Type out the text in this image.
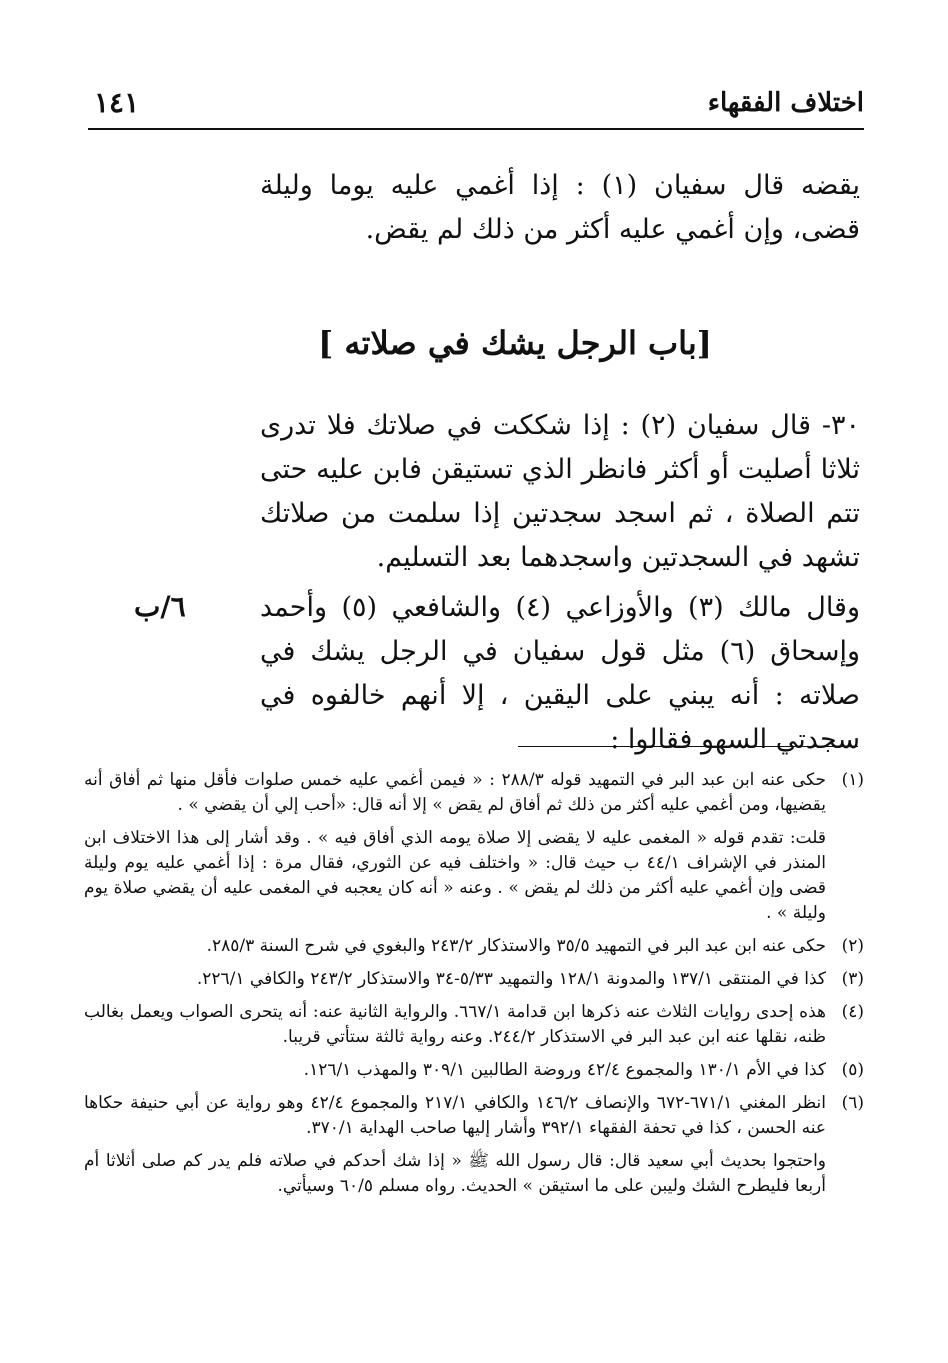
اختلاف الفقهاء
١٤١
يقضه قال سفيان (١) : إذا أغمي عليه يوما وليلة قضى، وإن أغمي عليه أكثر من ذلك لم يقض.
[باب الرجل يشك في صلاته ]
٣٠- قال سفيان (٢) : إذا شككت في صلاتك فلا تدرى ثلاثا أصليت أو أكثر فانظر الذي تستيقن فابن عليه حتى تتم الصلاة ، ثم اسجد سجدتين إذا سلمت من صلاتك تشهد في السجدتين واسجدهما بعد التسليم.
٦/ب	وقال مالك (٣) والأوزاعي (٤) والشافعي (٥) وأحمد وإسحاق (٦) مثل قول سفيان في الرجل يشك في صلاته : أنه يبني على اليقين ، إلا أنهم خالفوه في سجدتي السهو فقالوا :
(١)
حكى عنه ابن عبد البر في التمهيد قوله ٢٨٨/٣ : « فيمن أغمي عليه خمس صلوات فأقل منها ثم أفاق أنه يقضيها، ومن أغمي عليه أكثر من ذلك ثم أفاق لم يقض » إلا أنه قال: «أحب إلي أن يقضي » .
قلت: تقدم قوله « المغمى عليه لا يقضى إلا صلاة يومه الذي أفاق فيه » . وقد أشار إلى هذا الاختلاف ابن المنذر في الإشراف ٤٤/١ ب حيث قال: « واختلف فيه عن الثوري، فقال مرة : إذا أغمي عليه يوم وليلة قضى وإن أغمي عليه أكثر من ذلك لم يقض » . وعنه « أنه كان يعجبه في المغمى عليه أن يقضي صلاة يوم وليلة » .
(٢)
حكى عنه ابن عبد البر في التمهيد ٣٥/٥ والاستذكار ٢٤٣/٢ والبغوي في شرح السنة ٢٨٥/٣.
(٣)
كذا في المنتقى ١٣٧/١ والمدونة ١٢٨/١ والتمهيد ٥/٣٣-٣٤ والاستذكار ٢٤٣/٢ والكافي ٢٢٦/١.
(٤)
هذه إحدى روايات الثلاث عنه ذكرها ابن قدامة ٦٦٧/١. والرواية الثانية عنه: أنه يتحرى الصواب ويعمل بغالب ظنه، نقلها عنه ابن عبد البر في الاستذكار ٢٤٤/٢. وعنه رواية ثالثة ستأتي قريبا.
(٥)
كذا في الأم ١٣٠/١ والمجموع ٤٢/٤ وروضة الطالبين ٣٠٩/١ والمهذب ١٢٦/١.
(٦)
انظر المغني ٦٧١/١-٦٧٢ والإنصاف ١٤٦/٢ والكافي ٢١٧/١ والمجموع ٤٢/٤ وهو رواية عن أبي حنيفة حكاها عنه الحسن ، كذا في تحفة الفقهاء ٣٩٢/١ وأشار إليها صاحب الهداية ٣٧٠/١.
واحتجوا بحديث أبي سعيد قال: قال رسول الله ﷺ « إذا شك أحدكم في صلاته فلم يدر كم صلى أثلاثا أم أربعا فليطرح الشك وليبن على ما استيقن » الحديث. رواه مسلم ٦٠/٥ وسيأتي.
